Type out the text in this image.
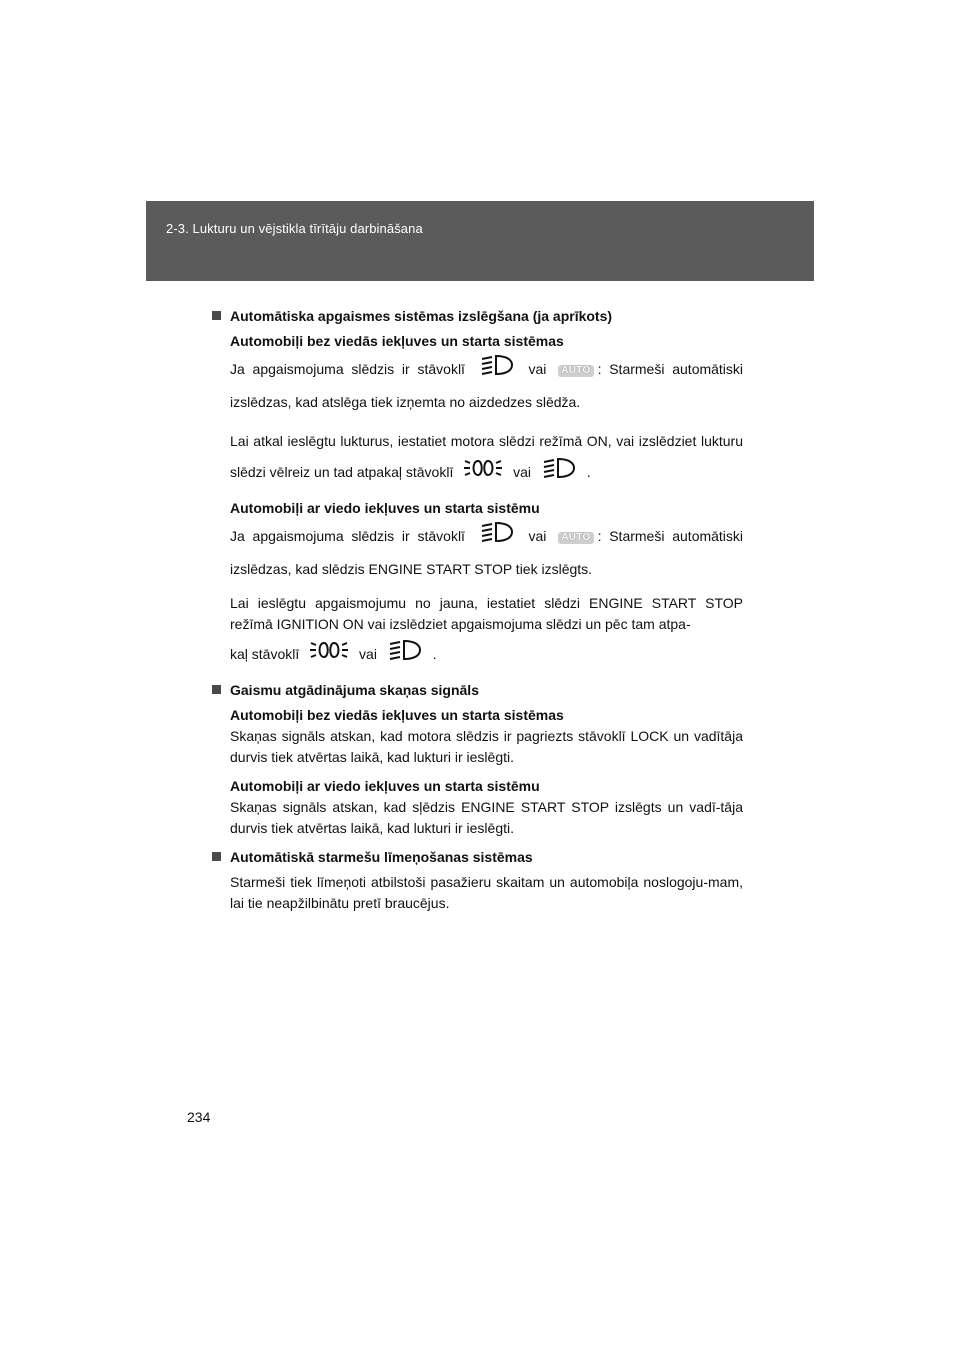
2-3. Lukturu un vējstikla tīrītāju darbināšana
Automātiska apgaismes sistēmas izslēgšana (ja aprīkots)
Automobiļi bez viedās iekļuves un starta sistēmas
Ja apgaismojuma slēdzis ir stāvoklī	vai AUTO : Starmeši automātiski izslēdzas, kad atslēga tiek izņemta no aizdedzes slēdža.
Lai atkal ieslēgtu lukturus, iestatiet motora slēdzi režīmā ON, vai izslēdziet lukturu slēdzi vēlreiz un tad atpakaļ stāvoklī	vai	.
Automobiļi ar viedo iekļuves un starta sistēmu
Ja apgaismojuma slēdzis ir stāvoklī	vai AUTO : Starmeši automātiski izslēdzas, kad slēdzis ENGINE START STOP tiek izslēgts.
Lai ieslēgtu apgaismojumu no jauna, iestatiet slēdzi ENGINE START STOP režīmā IGNITION ON vai izslēdziet apgaismojuma slēdzi un pēc tam atpa-
kaļ stāvoklī	vai	.
Gaismu atgādinājuma skaņas signāls
Automobiļi bez viedās iekļuves un starta sistēmas
Skaņas signāls atskan, kad motora slēdzis ir pagriezts stāvoklī LOCK un vadītāja durvis tiek atvērtas laikā, kad lukturi ir ieslēgti.
Automobiļi ar viedo iekļuves un starta sistēmu
Skaņas signāls atskan, kad sļēdzis ENGINE START STOP izslēgts un vadī-tāja durvis tiek atvērtas laikā, kad lukturi ir ieslēgti.
Automātiskā starmešu līmeņošanas sistēmas
Starmeši tiek līmeņoti atbilstoši pasažieru skaitam un automobiļa noslogoju-mam, lai tie neapžilbinātu pretī braucējus.
234
